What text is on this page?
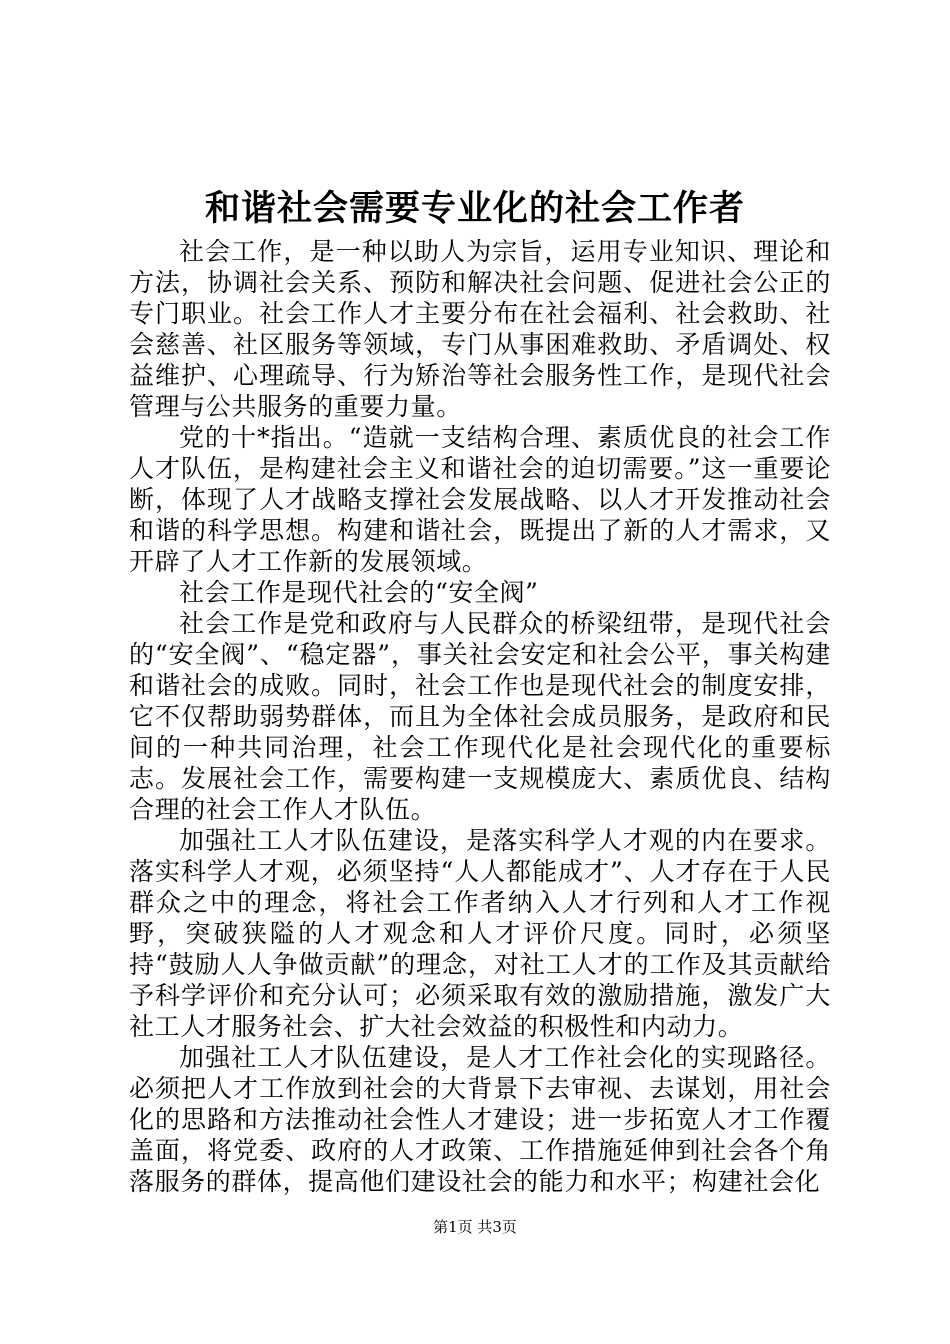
和谐社会需要专业化的社会工作者

社会工作，是一种以助人为宗旨，运用专业知识、理论和方法，协调社会关系、预防和解决社会问题、促进社会公正的专门职业。社会工作人才主要分布在社会福利、社会救助、社会慈善、社区服务等领域，专门从事困难救助、矛盾调处、权益维护、心理疏导、行为矫治等社会服务性工作，是现代社会管理与公共服务的重要力量。

党的十*指出。“造就一支结构合理、素质优良的社会工作人才队伍，是构建社会主义和谐社会的迫切需要。”这一重要论断，体现了人才战略支撑社会发展战略、以人才开发推动社会和谐的科学思想。构建和谐社会，既提出了新的人才需求，又开辟了人才工作新的发展领域。

社会工作是现代社会的“安全阀”

社会工作是党和政府与人民群众的桥梁纽带，是现代社会的“安全阀”、“稳定器”，事关社会安定和社会公平，事关构建和谐社会的成败。同时，社会工作也是现代社会的制度安排，它不仅帮助弱势群体，而且为全体社会成员服务，是政府和民间的一种共同治理，社会工作现代化是社会现代化的重要标志。发展社会工作，需要构建一支规模庞大、素质优良、结构合理的社会工作人才队伍。

加强社工人才队伍建设，是落实科学人才观的内在要求。落实科学人才观，必须坚持“人人都能成才”、人才存在于人民群众之中的理念，将社会工作者纳入人才行列和人才工作视野，突破狭隘的人才观念和人才评价尺度。同时，必须坚持“鼓励人人争做贡献”的理念，对社工人才的工作及其贡献给予科学评价和充分认可；必须采取有效的激励措施，激发广大社工人才服务社会、扩大社会效益的积极性和内动力。

加强社工人才队伍建设，是人才工作社会化的实现路径。必须把人才工作放到社会的大背景下去审视、去谋划，用社会化的思路和方法推动社会性人才建设；进一步拓宽人才工作覆盖面，将党委、政府的人才政策、工作措施延伸到社会各个角落服务的群体，提高他们建设社会的能力和水平；构建社会化

第1页 共3页
